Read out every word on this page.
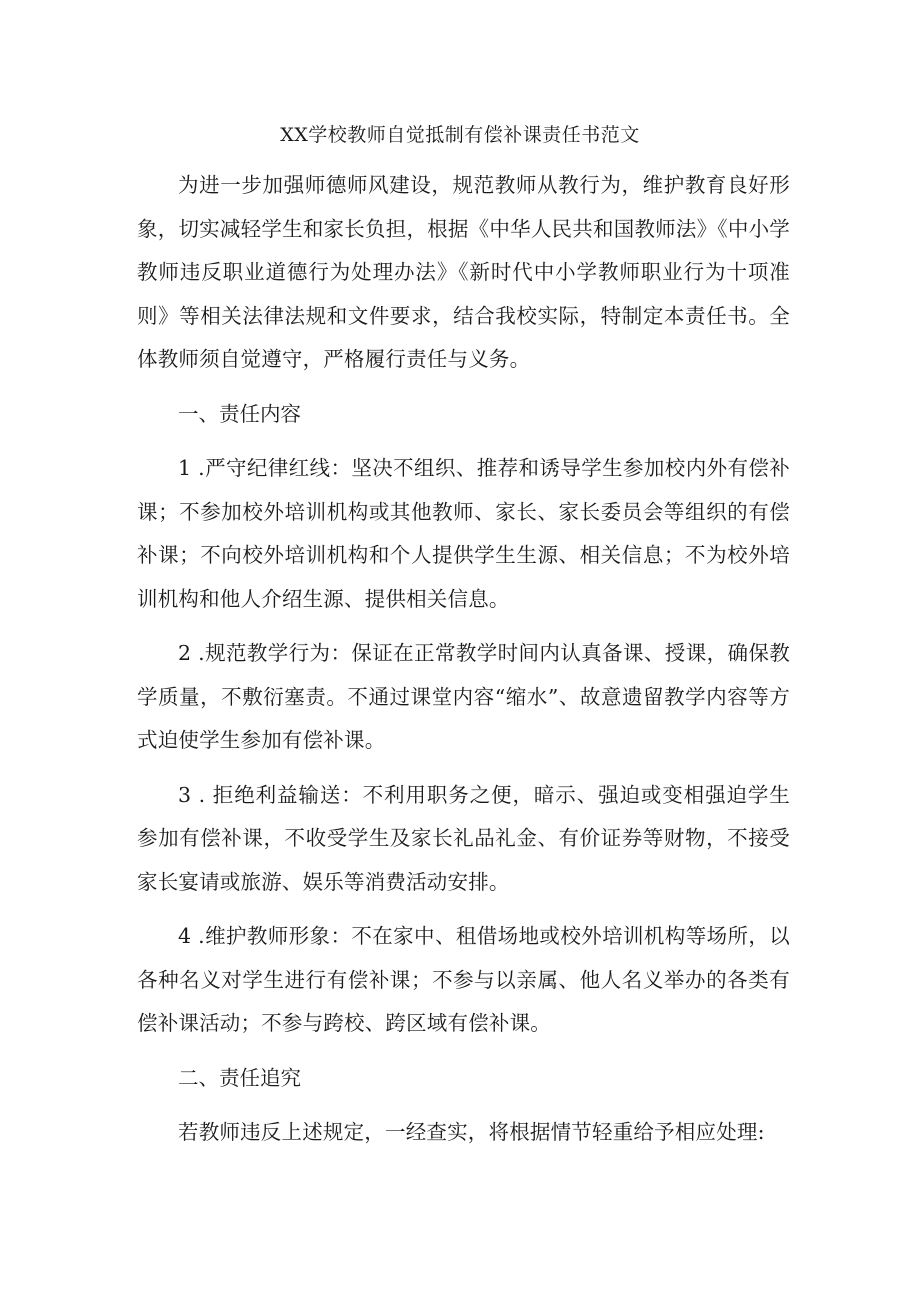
XX学校教师自觉抵制有偿补课责任书范文

为进一步加强师德师风建设，规范教师从教行为，维护教育良好形象，切实减轻学生和家长负担，根据《中华人民共和国教师法》《中小学教师违反职业道德行为处理办法》《新时代中小学教师职业行为十项准则》等相关法律法规和文件要求，结合我校实际，特制定本责任书。全体教师须自觉遵守，严格履行责任与义务。

一、责任内容

1 .严守纪律红线：坚决不组织、推荐和诱导学生参加校内外有偿补课；不参加校外培训机构或其他教师、家长、家长委员会等组织的有偿补课；不向校外培训机构和个人提供学生生源、相关信息；不为校外培训机构和他人介绍生源、提供相关信息。

2 .规范教学行为：保证在正常教学时间内认真备课、授课，确保教学质量，不敷衍塞责。不通过课堂内容“缩水”、故意遗留教学内容等方式迫使学生参加有偿补课。

3 . 拒绝利益输送：不利用职务之便，暗示、强迫或变相强迫学生参加有偿补课，不收受学生及家长礼品礼金、有价证券等财物，不接受家长宴请或旅游、娱乐等消费活动安排。

4 .维护教师形象：不在家中、租借场地或校外培训机构等场所，以各种名义对学生进行有偿补课；不参与以亲属、他人名义举办的各类有偿补课活动；不参与跨校、跨区域有偿补课。

二、责任追究

若教师违反上述规定，一经查实，将根据情节轻重给予相应处理:
